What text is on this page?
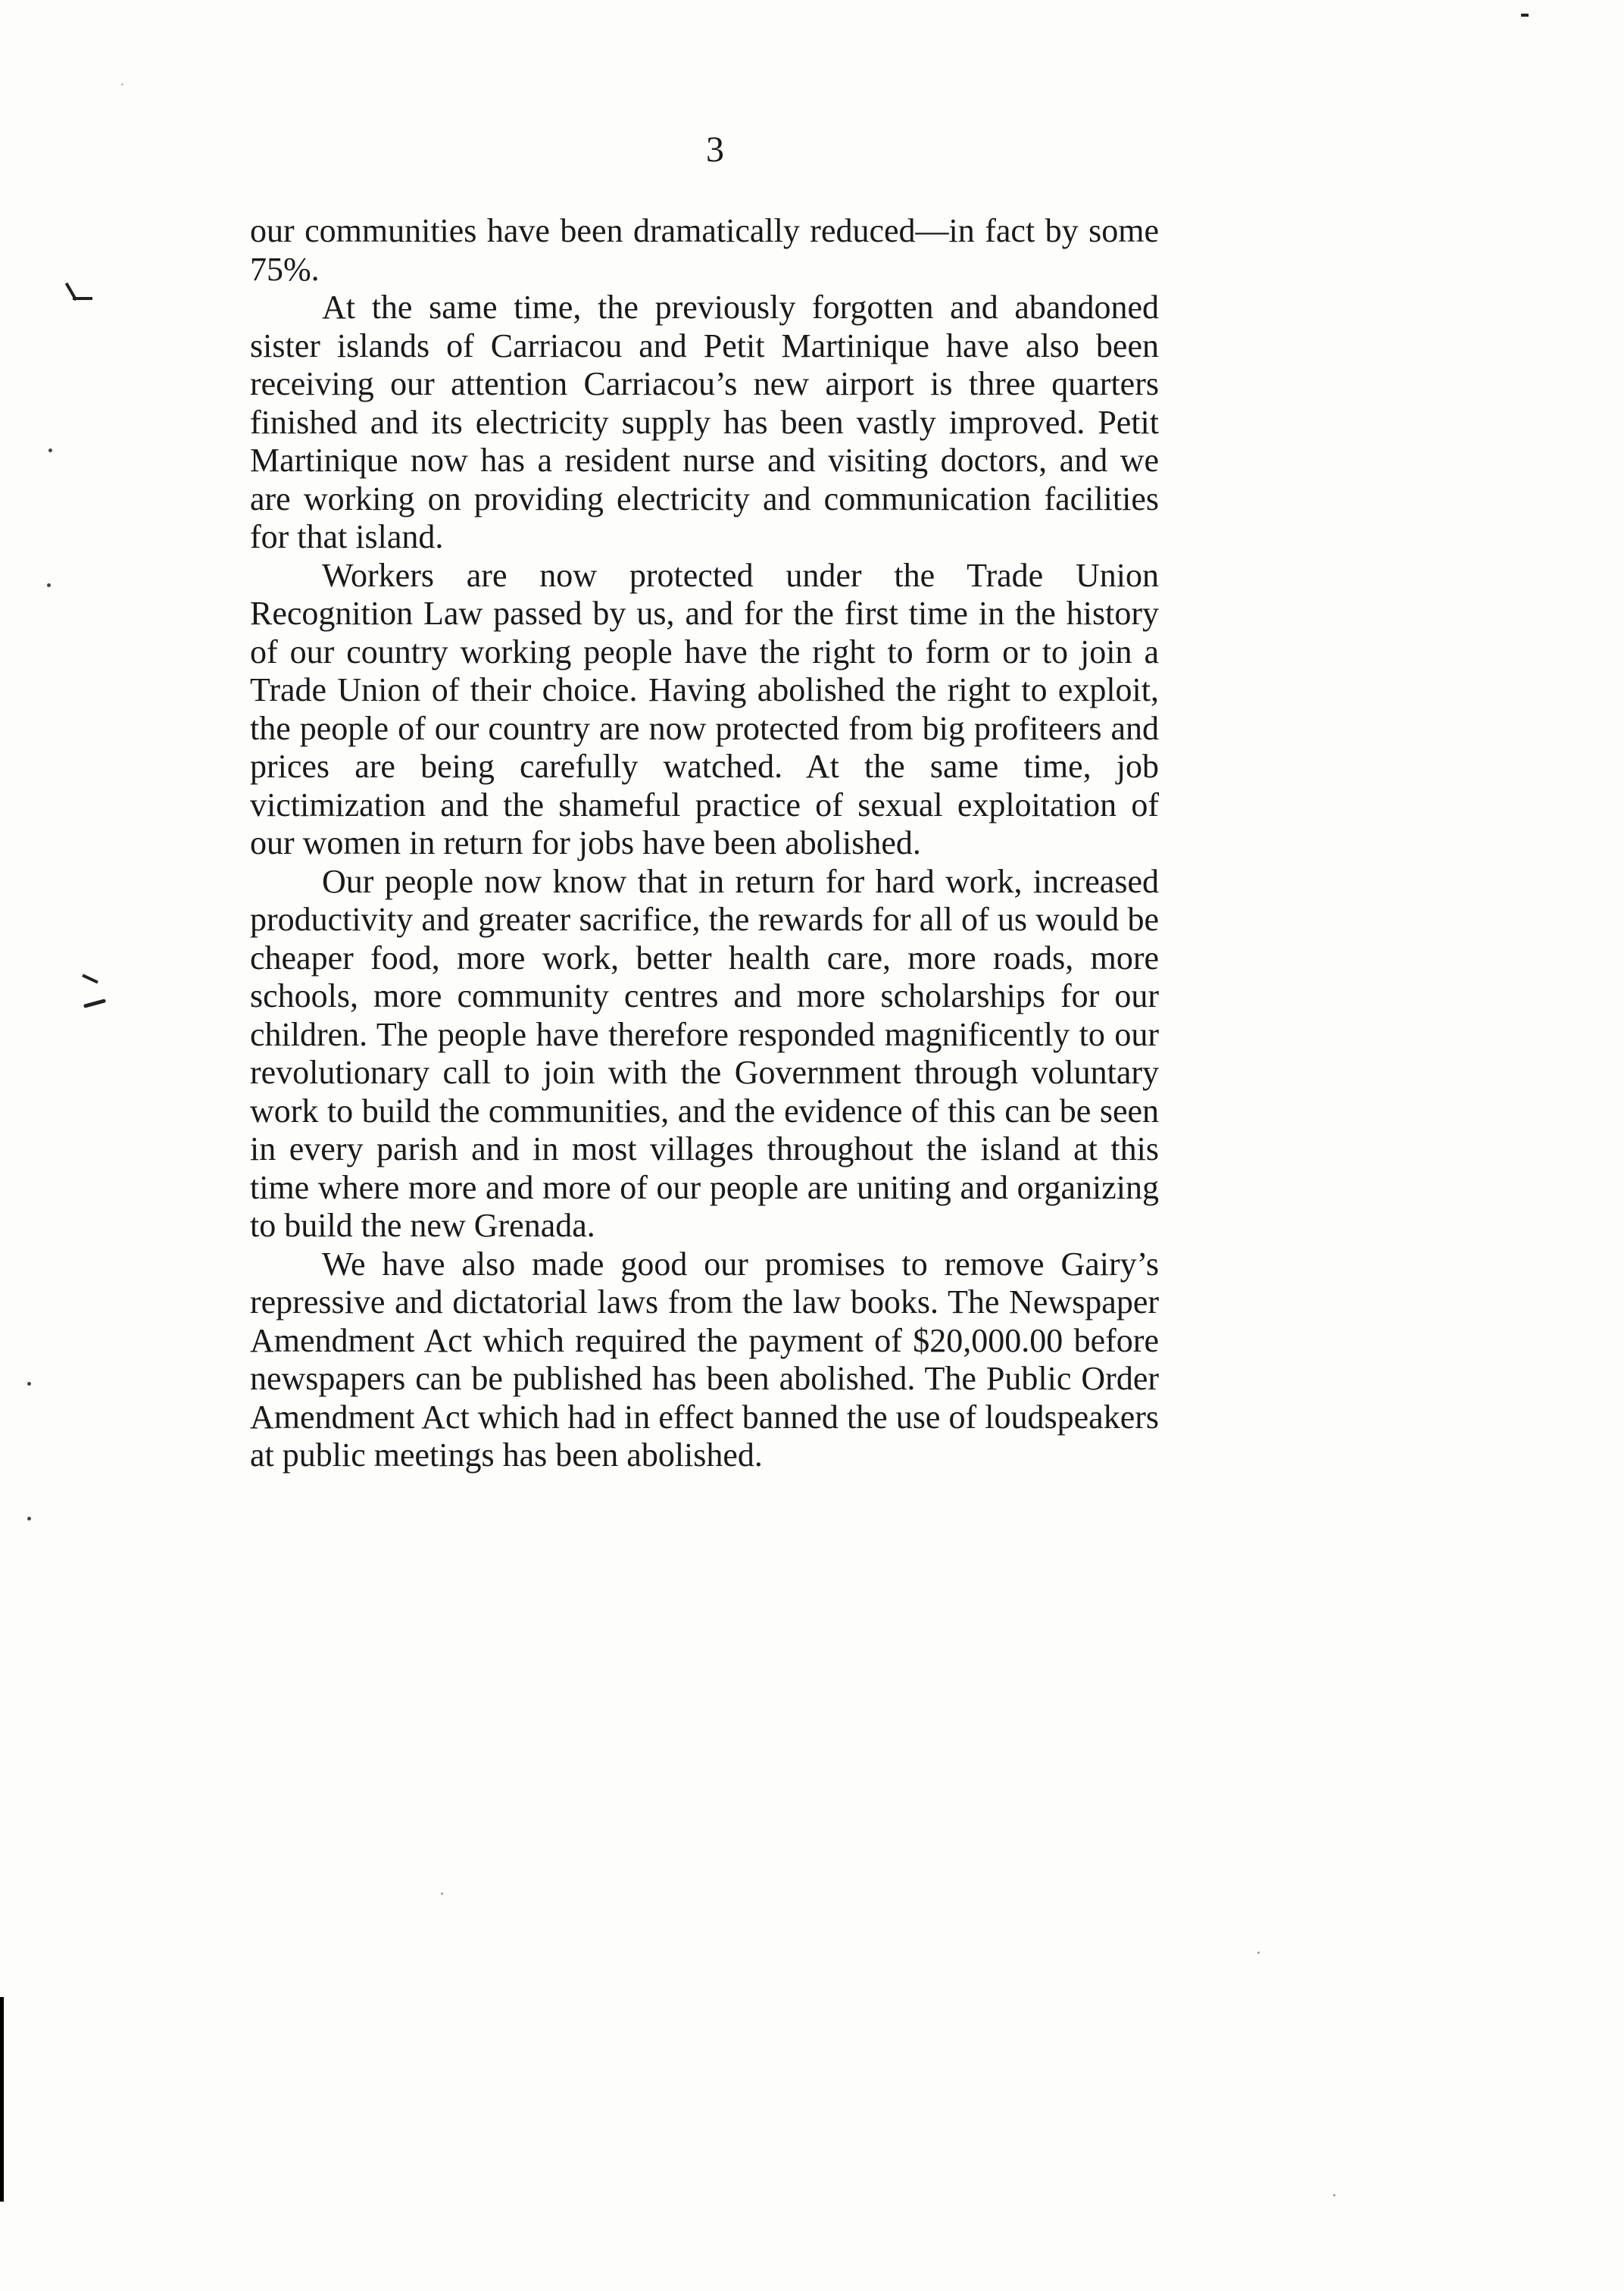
3

our communities have been dramatically reduced—in fact by some 75%.

At the same time, the previously forgotten and abandoned sister islands of Carriacou and Petit Martinique have also been receiving our attention Carriacou’s new airport is three quarters finished and its electricity supply has been vastly improved. Petit Martinique now has a resident nurse and visiting doctors, and we are working on providing electricity and communication facilities for that island.

Workers are now protected under the Trade Union Recognition Law passed by us, and for the first time in the history of our country working people have the right to form or to join a Trade Union of their choice. Having abolished the right to exploit, the people of our country are now protected from big profiteers and prices are being carefully watched. At the same time, job victimization and the shameful practice of sexual exploitation of our women in return for jobs have been abolished.

Our people now know that in return for hard work, increased productivity and greater sacrifice, the rewards for all of us would be cheaper food, more work, better health care, more roads, more schools, more community centres and more scholarships for our children. The people have therefore responded magnificently to our revolutionary call to join with the Government through voluntary work to build the communities, and the evidence of this can be seen in every parish and in most villages throughout the island at this time where more and more of our people are uniting and organizing to build the new Grenada.

We have also made good our promises to remove Gairy’s repressive and dictatorial laws from the law books. The Newspaper Amendment Act which required the payment of $20,000.00 before newspapers can be published has been abolished. The Public Order Amendment Act which had in effect banned the use of loudspeakers at public meetings has been abolished.
